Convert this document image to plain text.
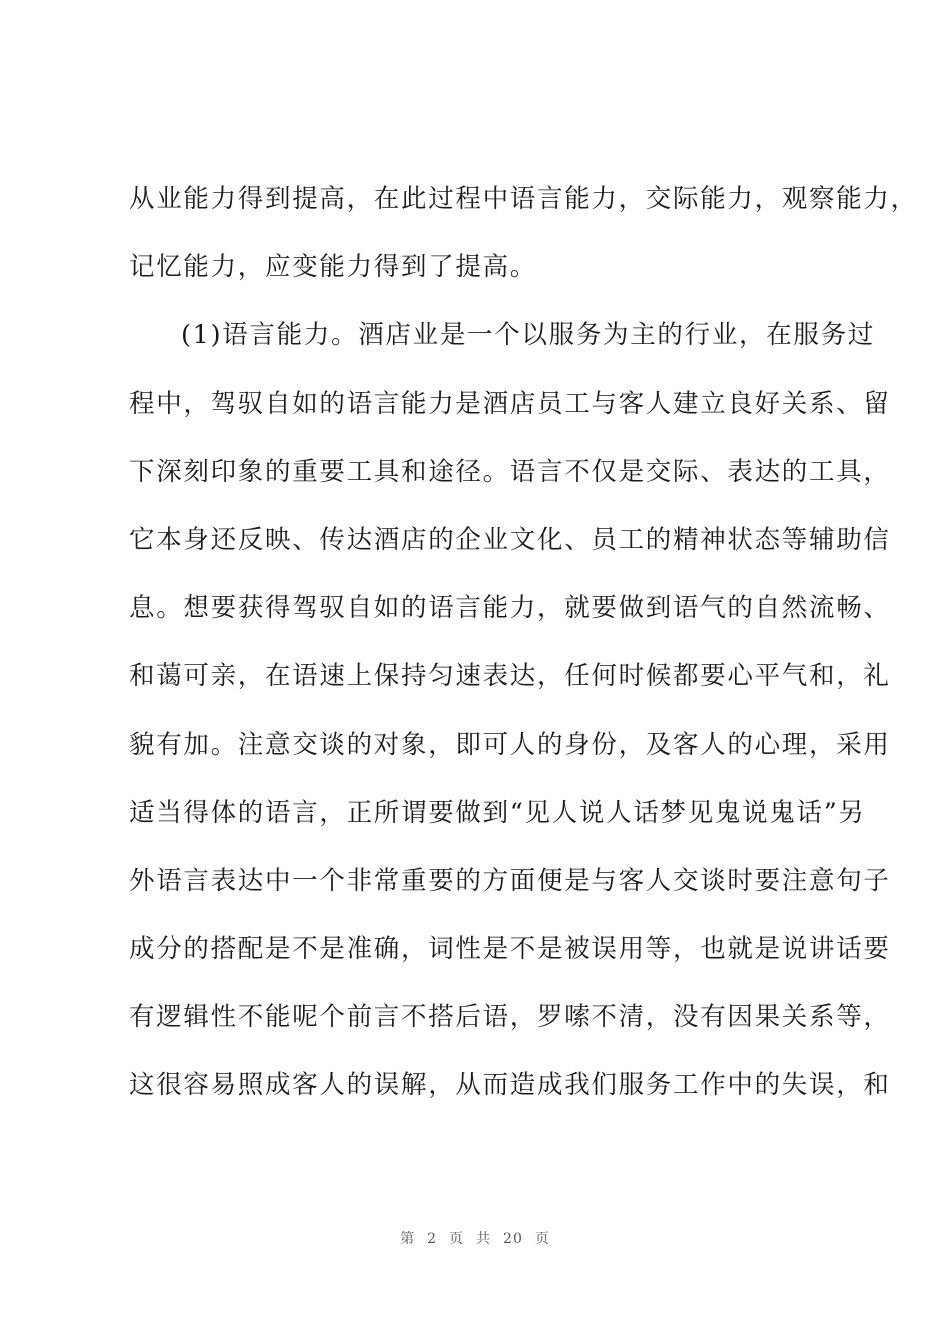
从业能力得到提高，在此过程中语言能力，交际能力，观察能力，
记忆能力，应变能力得到了提高。
(1)语言能力。酒店业是一个以服务为主的行业，在服务过
程中，驾驭自如的语言能力是酒店员工与客人建立良好关系、留
下深刻印象的重要工具和途径。语言不仅是交际、表达的工具，
它本身还反映、传达酒店的企业文化、员工的精神状态等辅助信
息。想要获得驾驭自如的语言能力，就要做到语气的自然流畅、
和蔼可亲，在语速上保持匀速表达，任何时候都要心平气和，礼
貌有加。注意交谈的对象，即可人的身份，及客人的心理，采用
适当得体的语言，正所谓要做到“见人说人话梦见鬼说鬼话”另
外语言表达中一个非常重要的方面便是与客人交谈时要注意句子
成分的搭配是不是准确，词性是不是被误用等，也就是说讲话要
有逻辑性不能呢个前言不搭后语，罗嗦不清，没有因果关系等，
这很容易照成客人的误解，从而造成我们服务工作中的失误，和
第 2 页 共 20 页
